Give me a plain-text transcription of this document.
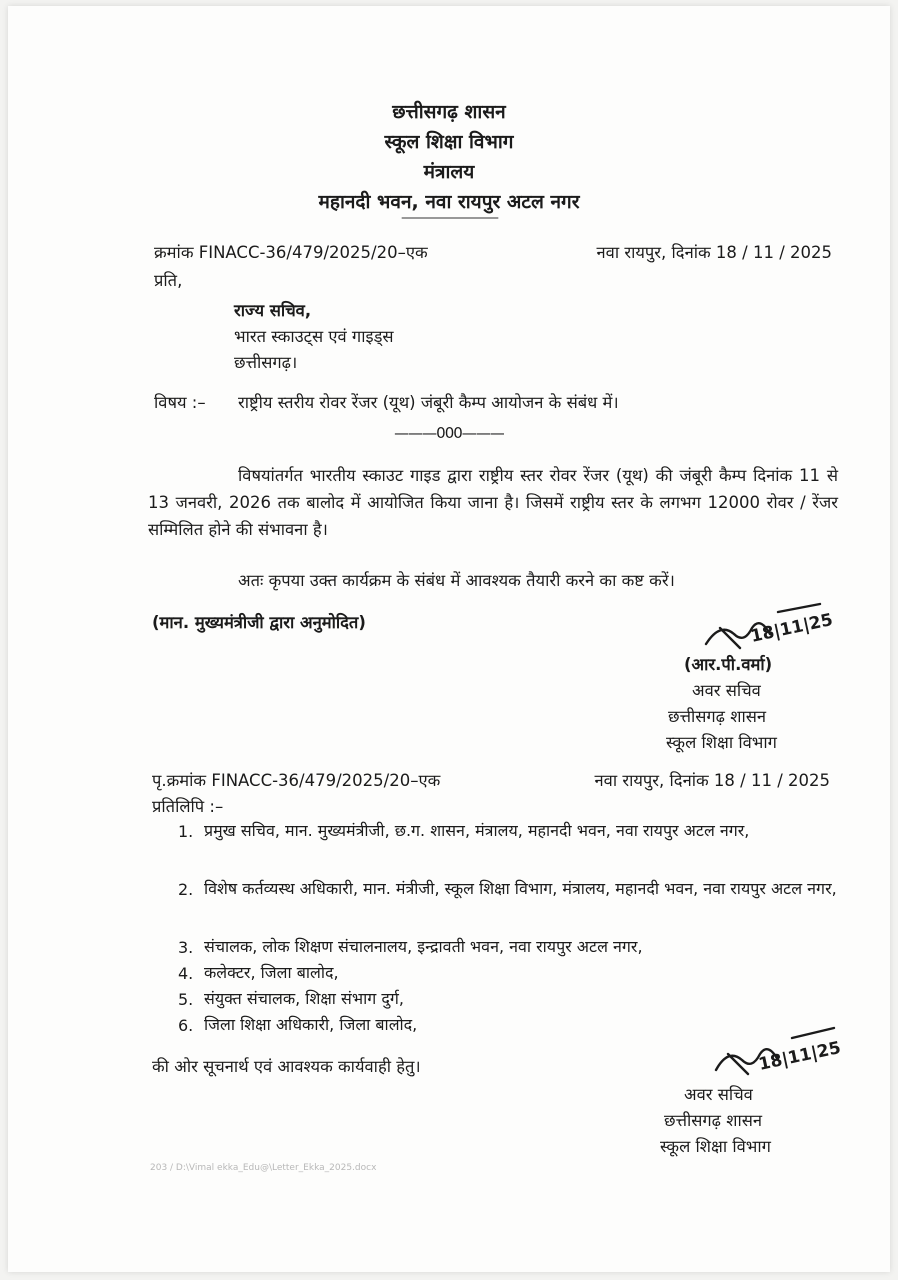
छत्तीसगढ़ शासन
स्कूल शिक्षा विभाग
मंत्रालय
महानदी भवन, नवा रायपुर अटल नगर
————————
क्रमांक FINACC-36/479/2025/20–एक	नवा रायपुर, दिनांक 18 / 11 / 2025
प्रति,
राज्य सचिव,
भारत स्काउट्स एवं गाइड्स
छत्तीसगढ़।
विषय :– राष्ट्रीय स्तरीय रोवर रेंजर (यूथ) जंबूरी कैम्प आयोजन के संबंध में।
———000———
विषयांतर्गत भारतीय स्काउट गाइड द्वारा राष्ट्रीय स्तर रोवर रेंजर (यूथ) की जंबूरी कैम्प दिनांक 11 से 13 जनवरी, 2026 तक बालोद में आयोजित किया जाना है। जिसमें राष्ट्रीय स्तर के लगभग 12000 रोवर / रेंजर सम्मिलित होने की संभावना है।
अतः कृपया उक्त कार्यक्रम के संबंध में आवश्यक तैयारी करने का कष्ट करें।
(मान. मुख्यमंत्रीजी द्वारा अनुमोदित)	18|11|25
(आर.पी.वर्मा)
अवर सचिव
छत्तीसगढ़ शासन
स्कूल शिक्षा विभाग
पृ.क्रमांक FINACC-36/479/2025/20–एक	नवा रायपुर, दिनांक 18 / 11 / 2025
प्रतिलिपि :–
1. प्रमुख सचिव, मान. मुख्यमंत्रीजी, छ.ग. शासन, मंत्रालय, महानदी भवन, नवा रायपुर अटल नगर,
2. विशेष कर्तव्यस्थ अधिकारी, मान. मंत्रीजी, स्कूल शिक्षा विभाग, मंत्रालय, महानदी भवन, नवा रायपुर अटल नगर,
3. संचालक, लोक शिक्षण संचालनालय, इन्द्रावती भवन, नवा रायपुर अटल नगर,
4. कलेक्टर, जिला बालोद,
5. संयुक्त संचालक, शिक्षा संभाग दुर्ग,
6. जिला शिक्षा अधिकारी, जिला बालोद,
की ओर सूचनार्थ एवं आवश्यक कार्यवाही हेतु।	18|11|25
अवर सचिव
छत्तीसगढ़ शासन
स्कूल शिक्षा विभाग
203 / D:\Vimal ekka_Edu@\Letter_Ekka_2025.docx
